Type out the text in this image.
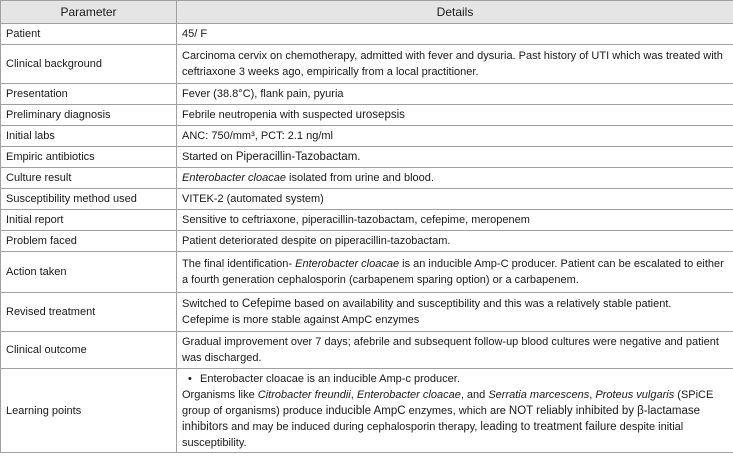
Parameter	Details
Patient	45/ F
Clinical background	Carcinoma cervix on chemotherapy, admitted with fever and dysuria. Past history of UTI which was treated with ceftriaxone 3 weeks ago, empirically from a local practitioner.
Presentation	Fever (38.8°C), flank pain, pyuria
Preliminary diagnosis	Febrile neutropenia with suspected urosepsis
Initial labs	ANC: 750/mm³, PCT: 2.1 ng/ml
Empiric antibiotics	Started on Piperacillin-Tazobactam.
Culture result	Enterobacter cloacae isolated from urine and blood.
Susceptibility method used	VITEK-2 (automated system)
Initial report	Sensitive to ceftriaxone, piperacillin-tazobactam, cefepime, meropenem
Problem faced	Patient deteriorated despite on piperacillin-tazobactam.
Action taken	The final identification- Enterobacter cloacae is an inducible Amp-C producer. Patient can be escalated to either a fourth generation cephalosporin (carbapenem sparing option) or a carbapenem.
Revised treatment	Switched to Cefepime based on availability and susceptibility and this was a relatively stable patient.
Cefepime is more stable against AmpC enzymes
Clinical outcome	Gradual improvement over 7 days; afebrile and subsequent follow-up blood cultures were negative and patient was discharged.
Learning points	• Enterobacter cloacae is an inducible Amp-c producer.
Organisms like Citrobacter freundii, Enterobacter cloacae, and Serratia marcescens, Proteus vulgaris (SPiCE group of organisms) produce inducible AmpC enzymes, which are NOT reliably inhibited by β-lactamase inhibitors and may be induced during cephalosporin therapy, leading to treatment failure despite initial susceptibility.
